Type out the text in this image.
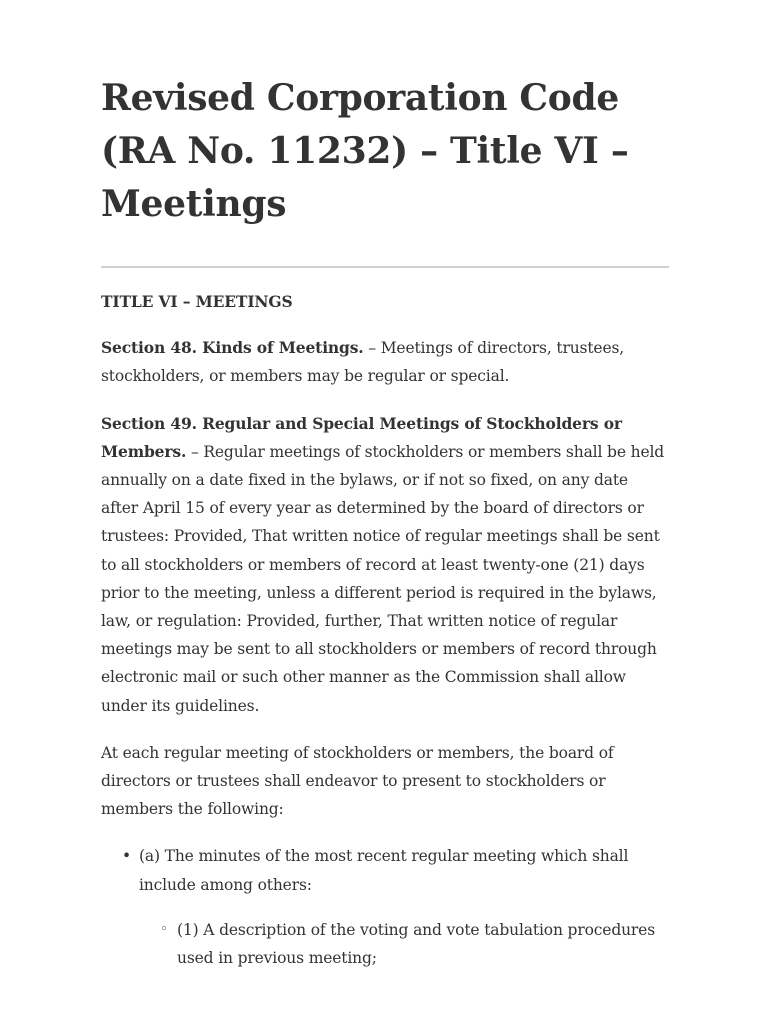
Revised Corporation Code (RA No. 11232) – Title VI – Meetings

TITLE VI – MEETINGS

Section 48. Kinds of Meetings. – Meetings of directors, trustees, stockholders, or members may be regular or special.

Section 49. Regular and Special Meetings of Stockholders or Members. – Regular meetings of stockholders or members shall be held annually on a date fixed in the bylaws, or if not so fixed, on any date after April 15 of every year as determined by the board of directors or trustees: Provided, That written notice of regular meetings shall be sent to all stockholders or members of record at least twenty-one (21) days prior to the meeting, unless a different period is required in the bylaws, law, or regulation: Provided, further, That written notice of regular meetings may be sent to all stockholders or members of record through electronic mail or such other manner as the Commission shall allow under its guidelines.

At each regular meeting of stockholders or members, the board of directors or trustees shall endeavor to present to stockholders or members the following:

• (a) The minutes of the most recent regular meeting which shall include among others:
◦ (1) A description of the voting and vote tabulation procedures used in previous meeting;
